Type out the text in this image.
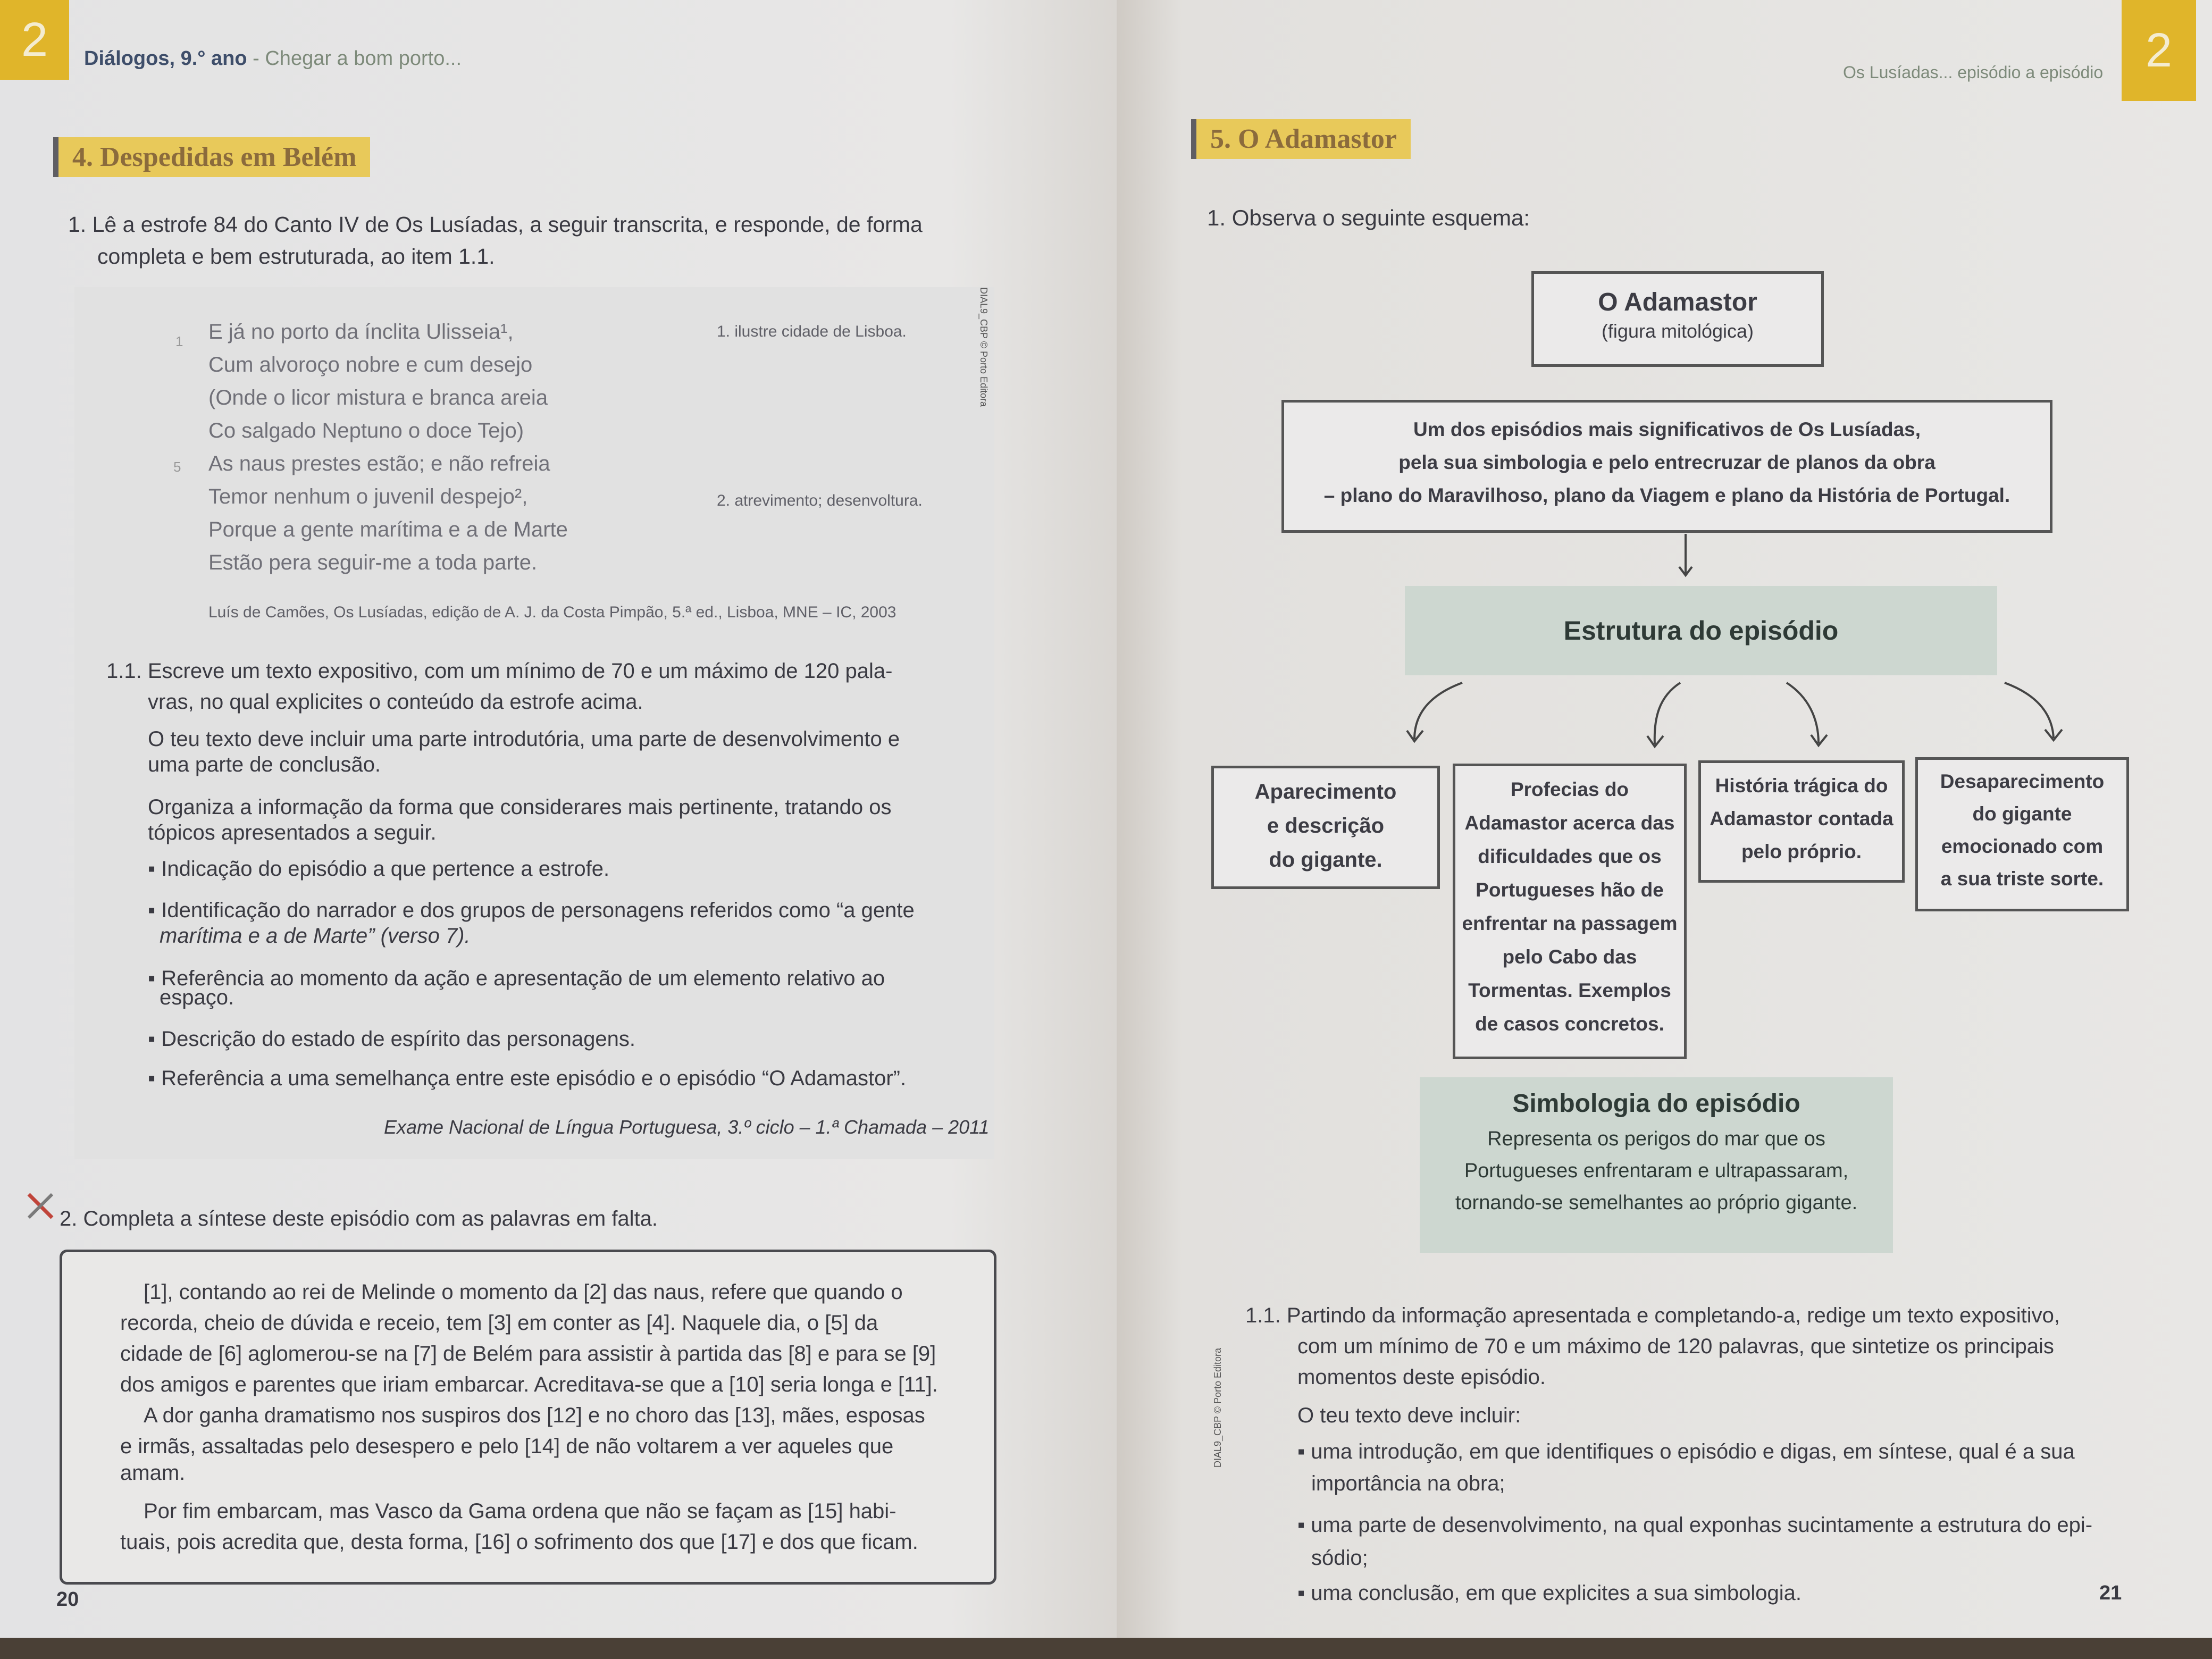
2	Diálogos, 9.° ano - Chegar a bom porto...
4. Despedidas em Belém
1. Lê a estrofe 84 do Canto IV de Os Lusíadas, a seguir transcrita, e responde, de forma
completa e bem estruturada, ao item 1.1.
1
5
E já no porto da ínclita Ulisseia¹,
Cum alvoroço nobre e cum desejo
(Onde o licor mistura e branca areia
Co salgado Neptuno o doce Tejo)
As naus prestes estão; e não refreia
Temor nenhum o juvenil despejo²,
Porque a gente marítima e a de Marte
Estão pera seguir-me a toda parte.
1. ilustre cidade de Lisboa.
2. atrevimento; desenvoltura.
Luís de Camões, Os Lusíadas, edição de A. J. da Costa Pimpão, 5.ª ed., Lisboa, MNE – IC, 2003
DIAL9_CBP © Porto Editora
1.1. Escreve um texto expositivo, com um mínimo de 70 e um máximo de 120 pala-
vras, no qual explicites o conteúdo da estrofe acima.
O teu texto deve incluir uma parte introdutória, uma parte de desenvolvimento e
uma parte de conclusão.
Organiza a informação da forma que considerares mais pertinente, tratando os
tópicos apresentados a seguir.
▪ Indicação do episódio a que pertence a estrofe.
▪ Identificação do narrador e dos grupos de personagens referidos como “a gente
marítima e a de Marte” (verso 7).
▪ Referência ao momento da ação e apresentação de um elemento relativo ao
espaço.
▪ Descrição do estado de espírito das personagens.
▪ Referência a uma semelhança entre este episódio e o episódio “O Adamastor”.
Exame Nacional de Língua Portuguesa, 3.º ciclo – 1.ª Chamada – 2011
2. Completa a síntese deste episódio com as palavras em falta.
[1], contando ao rei de Melinde o momento da [2] das naus, refere que quando o
recorda, cheio de dúvida e receio, tem [3] em conter as [4]. Naquele dia, o [5] da
cidade de [6] aglomerou-se na [7] de Belém para assistir à partida das [8] e para se [9]
dos amigos e parentes que iriam embarcar. Acreditava-se que a [10] seria longa e [11].
A dor ganha dramatismo nos suspiros dos [12] e no choro das [13], mães, esposas
e irmãs, assaltadas pelo desespero e pelo [14] de não voltarem a ver aqueles que
amam.
Por fim embarcam, mas Vasco da Gama ordena que não se façam as [15] habi-
tuais, pois acredita que, desta forma, [16] o sofrimento dos que [17] e dos que ficam.
20
Os Lusíadas... episódio a episódio 2
5. O Adamastor
1. Observa o seguinte esquema:
O Adamastor
(figura mitológica)
Um dos episódios mais significativos de Os Lusíadas,
pela sua simbologia e pelo entrecruzar de planos da obra
– plano do Maravilhoso, plano da Viagem e plano da História de Portugal.
Estrutura do episódio
Aparecimento
e descrição
do gigante.
Profecias do
Adamastor acerca das
dificuldades que os
Portugueses hão de
enfrentar na passagem
pelo Cabo das
Tormentas. Exemplos
de casos concretos.
História trágica do
Adamastor contada
pelo próprio.
Desaparecimento
do gigante
emocionado com
a sua triste sorte.
Simbologia do episódio
Representa os perigos do mar que os
Portugueses enfrentaram e ultrapassaram,
tornando-se semelhantes ao próprio gigante.
1.1. Partindo da informação apresentada e completando-a, redige um texto expositivo,
com um mínimo de 70 e um máximo de 120 palavras, que sintetize os principais
momentos deste episódio.
O teu texto deve incluir:
▪ uma introdução, em que identifiques o episódio e digas, em síntese, qual é a sua
importância na obra;
▪ uma parte de desenvolvimento, na qual exponhas sucintamente a estrutura do epi-
sódio;
▪ uma conclusão, em que explicites a sua simbologia.
DIAL9_CBP © Porto Editora
21
